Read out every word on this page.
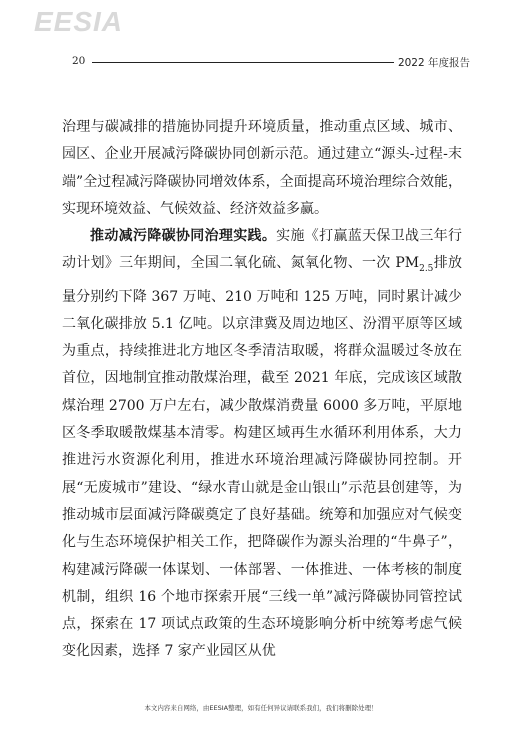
EESIA
20	2022 年度报告

治理与碳减排的措施协同提升环境质量，推动重点区域、城市、园区、企业开展减污降碳协同创新示范。通过建立“源头-过程-末端”全过程减污降碳协同增效体系，全面提高环境治理综合效能，实现环境效益、气候效益、经济效益多赢。

推动减污降碳协同治理实践。实施《打赢蓝天保卫战三年行动计划》三年期间，全国二氧化硫、氮氧化物、一次 $PM_{2.5}$排放量分别约下降 367 万吨、210 万吨和 125 万吨，同时累计减少二氧化碳排放 5.1 亿吨。以京津冀及周边地区、汾渭平原等区域为重点，持续推进北方地区冬季清洁取暖，将群众温暖过冬放在首位，因地制宜推动散煤治理，截至 2021 年底，完成该区域散煤治理 2700 万户左右，减少散煤消费量 6000 多万吨，平原地区冬季取暖散煤基本清零。构建区域再生水循环利用体系，大力推进污水资源化利用，推进水环境治理减污降碳协同控制。开展“无废城市”建设、“绿水青山就是金山银山”示范县创建等，为推动城市层面减污降碳奠定了良好基础。统筹和加强应对气候变化与生态环境保护相关工作，把降碳作为源头治理的“牛鼻子”，构建减污降碳一体谋划、一体部署、一体推进、一体考核的制度机制，组织 16 个地市探索开展“三线一单”减污降碳协同管控试点，探索在 17 项试点政策的生态环境影响分析中统筹考虑气候变化因素，选择 7 家产业园区从优

本文内容来自网络，由EESIA整理，如有任何异议请联系我们，我们将删除处理！
